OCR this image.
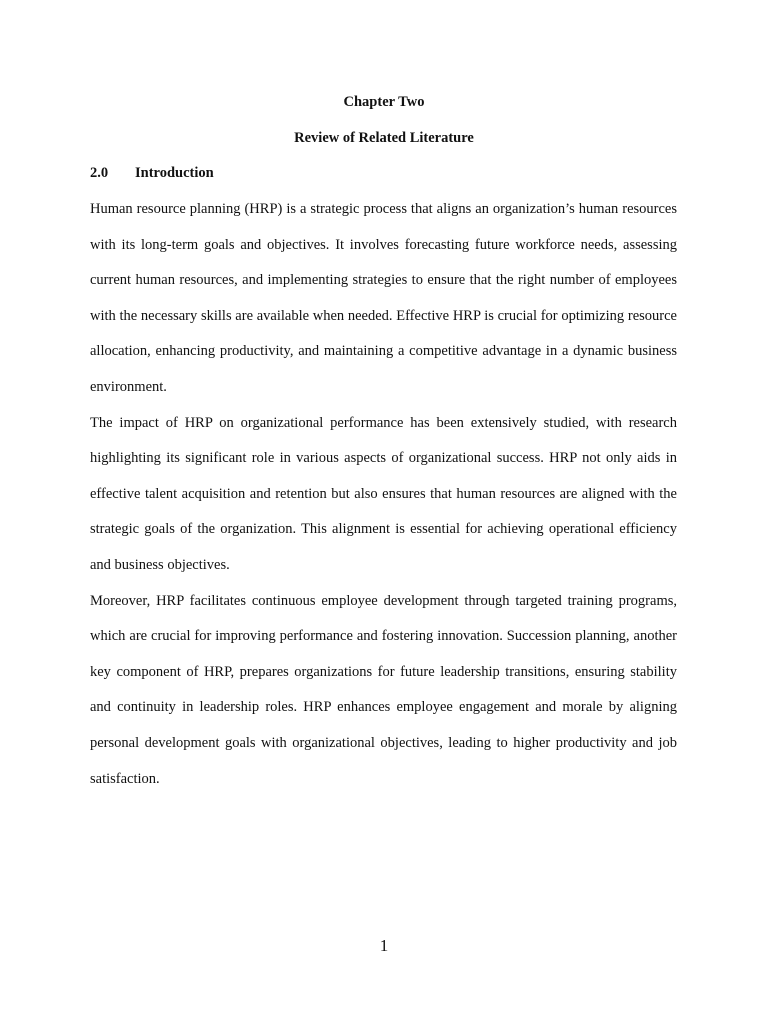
Chapter Two
Review of Related Literature
2.0	Introduction

Human resource planning (HRP) is a strategic process that aligns an organization’s human resources with its long-term goals and objectives. It involves forecasting future workforce needs, assessing current human resources, and implementing strategies to ensure that the right number of employees with the necessary skills are available when needed. Effective HRP is crucial for optimizing resource allocation, enhancing productivity, and maintaining a competitive advantage in a dynamic business environment.

The impact of HRP on organizational performance has been extensively studied, with research highlighting its significant role in various aspects of organizational success. HRP not only aids in effective talent acquisition and retention but also ensures that human resources are aligned with the strategic goals of the organization. This alignment is essential for achieving operational efficiency and business objectives.

Moreover, HRP facilitates continuous employee development through targeted training programs, which are crucial for improving performance and fostering innovation. Succession planning, another key component of HRP, prepares organizations for future leadership transitions, ensuring stability and continuity in leadership roles. HRP enhances employee engagement and morale by aligning personal development goals with organizational objectives, leading to higher productivity and job satisfaction.

1
